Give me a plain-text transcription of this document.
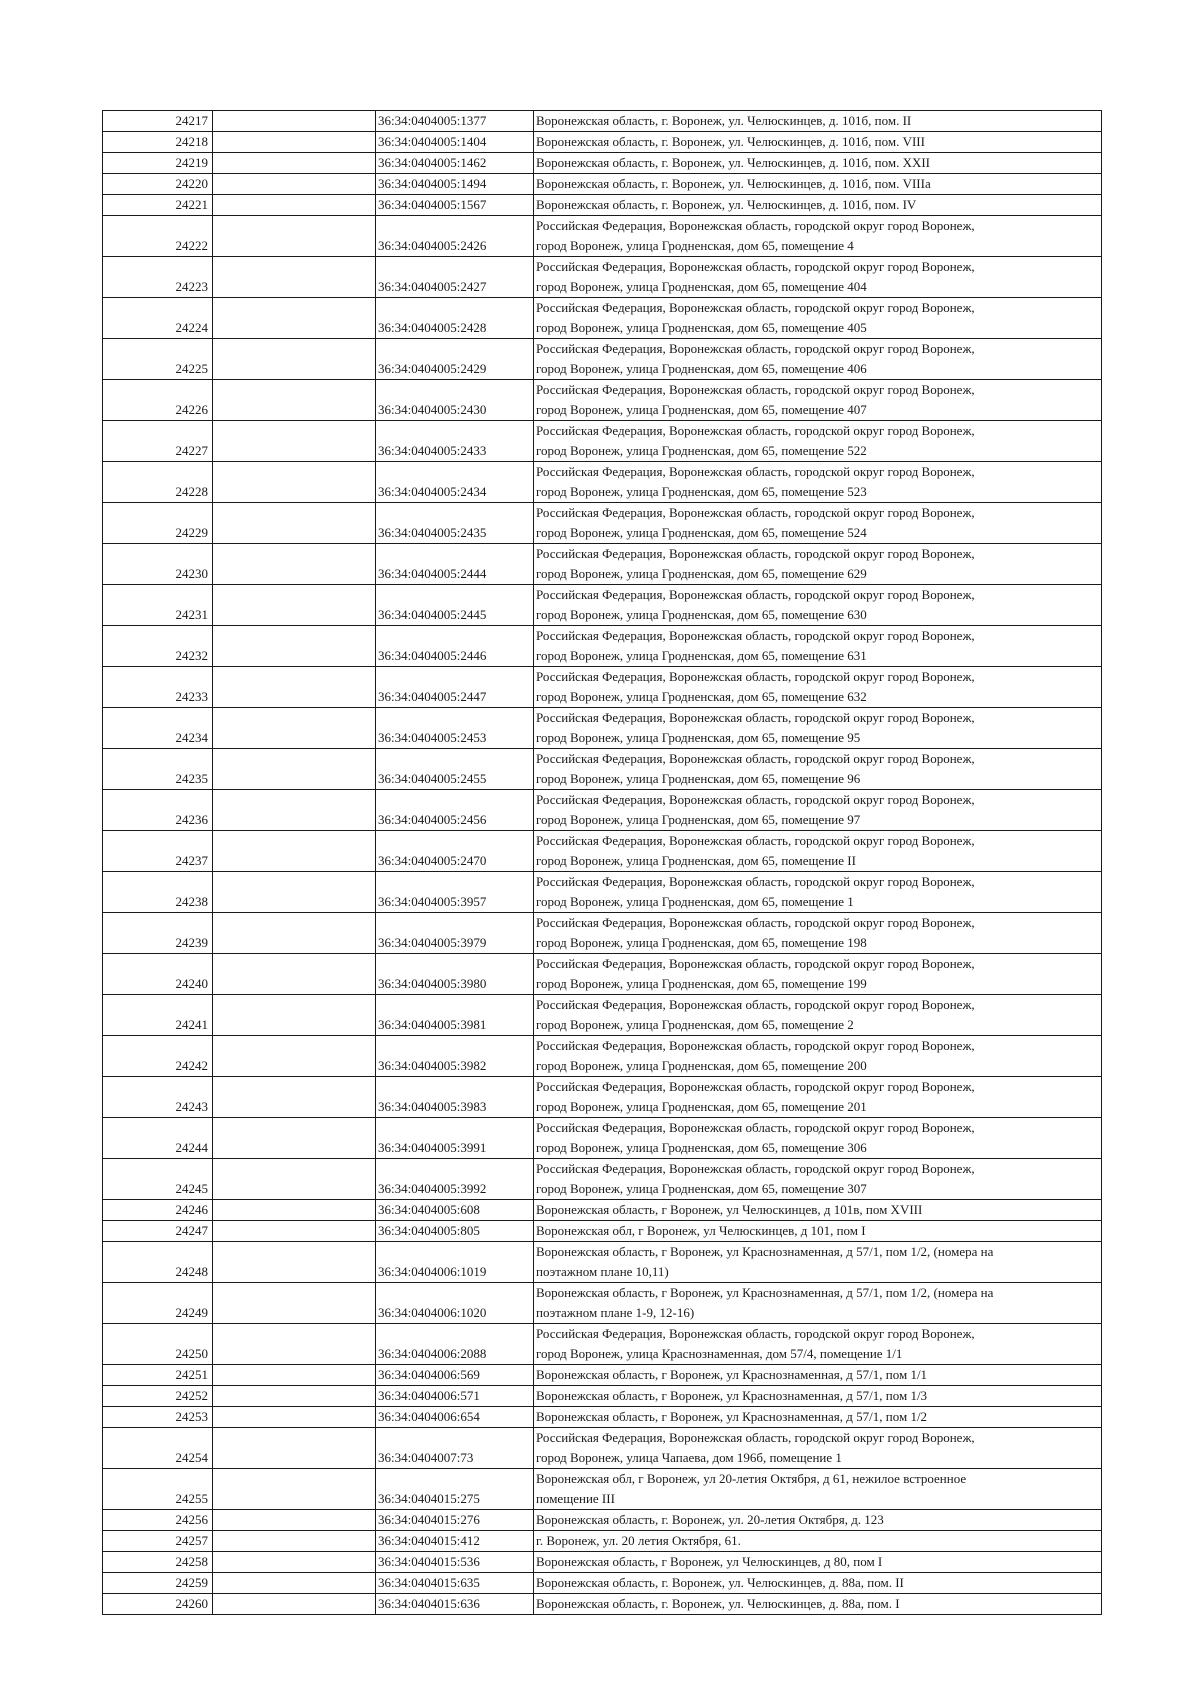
24217		36:34:0404005:1377	Воронежская область, г. Воронеж, ул. Челюскинцев, д. 101б, пом. II
24218		36:34:0404005:1404	Воронежская область, г. Воронеж, ул. Челюскинцев, д. 101б, пом. VIII
24219		36:34:0404005:1462	Воронежская область, г. Воронеж, ул. Челюскинцев, д. 101б, пом. XXII
24220		36:34:0404005:1494	Воронежская область, г. Воронеж, ул. Челюскинцев, д. 101б, пом. VIIIa
24221		36:34:0404005:1567	Воронежская область, г. Воронеж, ул. Челюскинцев, д. 101б, пом. IV
24222		36:34:0404005:2426	Российская Федерация, Воронежская область, городской округ город Воронеж,
город Воронеж, улица Гродненская, дом 65, помещение 4
24223		36:34:0404005:2427	Российская Федерация, Воронежская область, городской округ город Воронеж,
город Воронеж, улица Гродненская, дом 65, помещение 404
24224		36:34:0404005:2428	Российская Федерация, Воронежская область, городской округ город Воронеж,
город Воронеж, улица Гродненская, дом 65, помещение 405
24225		36:34:0404005:2429	Российская Федерация, Воронежская область, городской округ город Воронеж,
город Воронеж, улица Гродненская, дом 65, помещение 406
24226		36:34:0404005:2430	Российская Федерация, Воронежская область, городской округ город Воронеж,
город Воронеж, улица Гродненская, дом 65, помещение 407
24227		36:34:0404005:2433	Российская Федерация, Воронежская область, городской округ город Воронеж,
город Воронеж, улица Гродненская, дом 65, помещение 522
24228		36:34:0404005:2434	Российская Федерация, Воронежская область, городской округ город Воронеж,
город Воронеж, улица Гродненская, дом 65, помещение 523
24229		36:34:0404005:2435	Российская Федерация, Воронежская область, городской округ город Воронеж,
город Воронеж, улица Гродненская, дом 65, помещение 524
24230		36:34:0404005:2444	Российская Федерация, Воронежская область, городской округ город Воронеж,
город Воронеж, улица Гродненская, дом 65, помещение 629
24231		36:34:0404005:2445	Российская Федерация, Воронежская область, городской округ город Воронеж,
город Воронеж, улица Гродненская, дом 65, помещение 630
24232		36:34:0404005:2446	Российская Федерация, Воронежская область, городской округ город Воронеж,
город Воронеж, улица Гродненская, дом 65, помещение 631
24233		36:34:0404005:2447	Российская Федерация, Воронежская область, городской округ город Воронеж,
город Воронеж, улица Гродненская, дом 65, помещение 632
24234		36:34:0404005:2453	Российская Федерация, Воронежская область, городской округ город Воронеж,
город Воронеж, улица Гродненская, дом 65, помещение 95
24235		36:34:0404005:2455	Российская Федерация, Воронежская область, городской округ город Воронеж,
город Воронеж, улица Гродненская, дом 65, помещение 96
24236		36:34:0404005:2456	Российская Федерация, Воронежская область, городской округ город Воронеж,
город Воронеж, улица Гродненская, дом 65, помещение 97
24237		36:34:0404005:2470	Российская Федерация, Воронежская область, городской округ город Воронеж,
город Воронеж, улица Гродненская, дом 65, помещение II
24238		36:34:0404005:3957	Российская Федерация, Воронежская область, городской округ город Воронеж,
город Воронеж, улица Гродненская, дом 65, помещение 1
24239		36:34:0404005:3979	Российская Федерация, Воронежская область, городской округ город Воронеж,
город Воронеж, улица Гродненская, дом 65, помещение 198
24240		36:34:0404005:3980	Российская Федерация, Воронежская область, городской округ город Воронеж,
город Воронеж, улица Гродненская, дом 65, помещение 199
24241		36:34:0404005:3981	Российская Федерация, Воронежская область, городской округ город Воронеж,
город Воронеж, улица Гродненская, дом 65, помещение 2
24242		36:34:0404005:3982	Российская Федерация, Воронежская область, городской округ город Воронеж,
город Воронеж, улица Гродненская, дом 65, помещение 200
24243		36:34:0404005:3983	Российская Федерация, Воронежская область, городской округ город Воронеж,
город Воронеж, улица Гродненская, дом 65, помещение 201
24244		36:34:0404005:3991	Российская Федерация, Воронежская область, городской округ город Воронеж,
город Воронеж, улица Гродненская, дом 65, помещение 306
24245		36:34:0404005:3992	Российская Федерация, Воронежская область, городской округ город Воронеж,
город Воронеж, улица Гродненская, дом 65, помещение 307
24246		36:34:0404005:608	Воронежская область, г Воронеж, ул Челюскинцев, д 101в, пом XVIII
24247		36:34:0404005:805	Воронежская обл, г Воронеж, ул Челюскинцев, д 101, пом I
24248		36:34:0404006:1019	Воронежская область, г Воронеж, ул Краснознаменная, д 57/1, пом 1/2, (номера на
поэтажном плане 10,11)
24249		36:34:0404006:1020	Воронежская область, г Воронеж, ул Краснознаменная, д 57/1, пом 1/2, (номера на
поэтажном плане 1-9, 12-16)
24250		36:34:0404006:2088	Российская Федерация, Воронежская область, городской округ город Воронеж,
город Воронеж, улица Краснознаменная, дом 57/4, помещение 1/1
24251		36:34:0404006:569	Воронежская область, г Воронеж, ул Краснознаменная, д 57/1, пом 1/1
24252		36:34:0404006:571	Воронежская область, г Воронеж, ул Краснознаменная, д 57/1, пом 1/3
24253		36:34:0404006:654	Воронежская область, г Воронеж, ул Краснознаменная, д 57/1, пом 1/2
24254		36:34:0404007:73	Российская Федерация, Воронежская область, городской округ город Воронеж,
город Воронеж, улица Чапаева, дом 196б, помещение 1
24255		36:34:0404015:275	Воронежская обл, г Воронеж, ул 20-летия Октября, д 61, нежилое встроенное
помещение III
24256		36:34:0404015:276	Воронежская область, г. Воронеж, ул. 20-летия Октября, д. 123
24257		36:34:0404015:412	г. Воронеж, ул. 20 летия Октября, 61.
24258		36:34:0404015:536	Воронежская область, г Воронеж, ул Челюскинцев, д 80, пом I
24259		36:34:0404015:635	Воронежская область, г. Воронеж, ул. Челюскинцев, д. 88а, пом. II
24260		36:34:0404015:636	Воронежская область, г. Воронеж, ул. Челюскинцев, д. 88а, пом. I
